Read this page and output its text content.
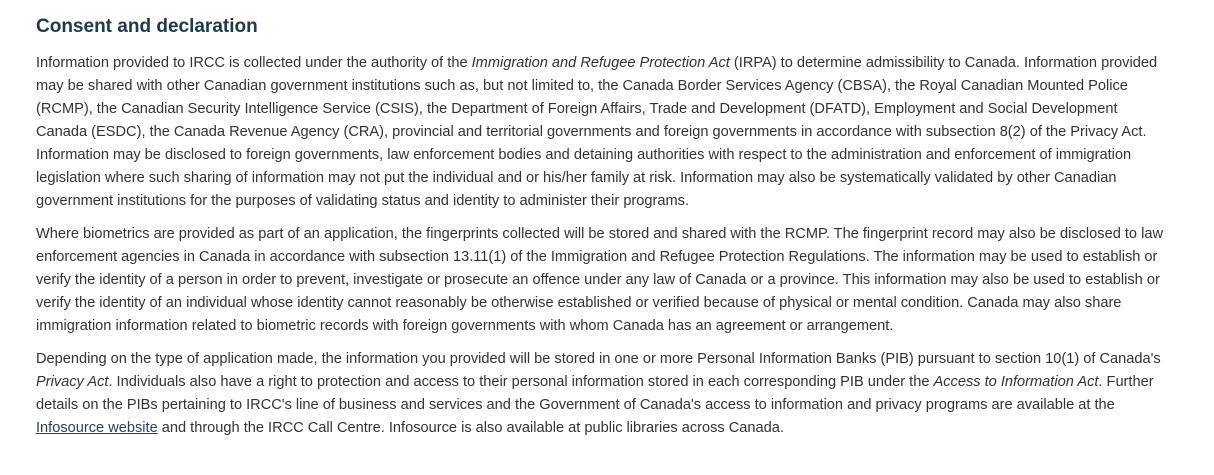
Consent and declaration

Information provided to IRCC is collected under the authority of the Immigration and Refugee Protection Act (IRPA) to determine admissibility to Canada. Information provided may be shared with other Canadian government institutions such as, but not limited to, the Canada Border Services Agency (CBSA), the Royal Canadian Mounted Police (RCMP), the Canadian Security Intelligence Service (CSIS), the Department of Foreign Affairs, Trade and Development (DFATD), Employment and Social Development Canada (ESDC), the Canada Revenue Agency (CRA), provincial and territorial governments and foreign governments in accordance with subsection 8(2) of the Privacy Act. Information may be disclosed to foreign governments, law enforcement bodies and detaining authorities with respect to the administration and enforcement of immigration legislation where such sharing of information may not put the individual and or his/her family at risk. Information may also be systematically validated by other Canadian government institutions for the purposes of validating status and identity to administer their programs.

Where biometrics are provided as part of an application, the fingerprints collected will be stored and shared with the RCMP. The fingerprint record may also be disclosed to law enforcement agencies in Canada in accordance with subsection 13.11(1) of the Immigration and Refugee Protection Regulations. The information may be used to establish or verify the identity of a person in order to prevent, investigate or prosecute an offence under any law of Canada or a province. This information may also be used to establish or verify the identity of an individual whose identity cannot reasonably be otherwise established or verified because of physical or mental condition. Canada may also share immigration information related to biometric records with foreign governments with whom Canada has an agreement or arrangement.

Depending on the type of application made, the information you provided will be stored in one or more Personal Information Banks (PIB) pursuant to section 10(1) of Canada's Privacy Act. Individuals also have a right to protection and access to their personal information stored in each corresponding PIB under the Access to Information Act. Further details on the PIBs pertaining to IRCC's line of business and services and the Government of Canada's access to information and privacy programs are available at the Infosource website and through the IRCC Call Centre. Infosource is also available at public libraries across Canada.
